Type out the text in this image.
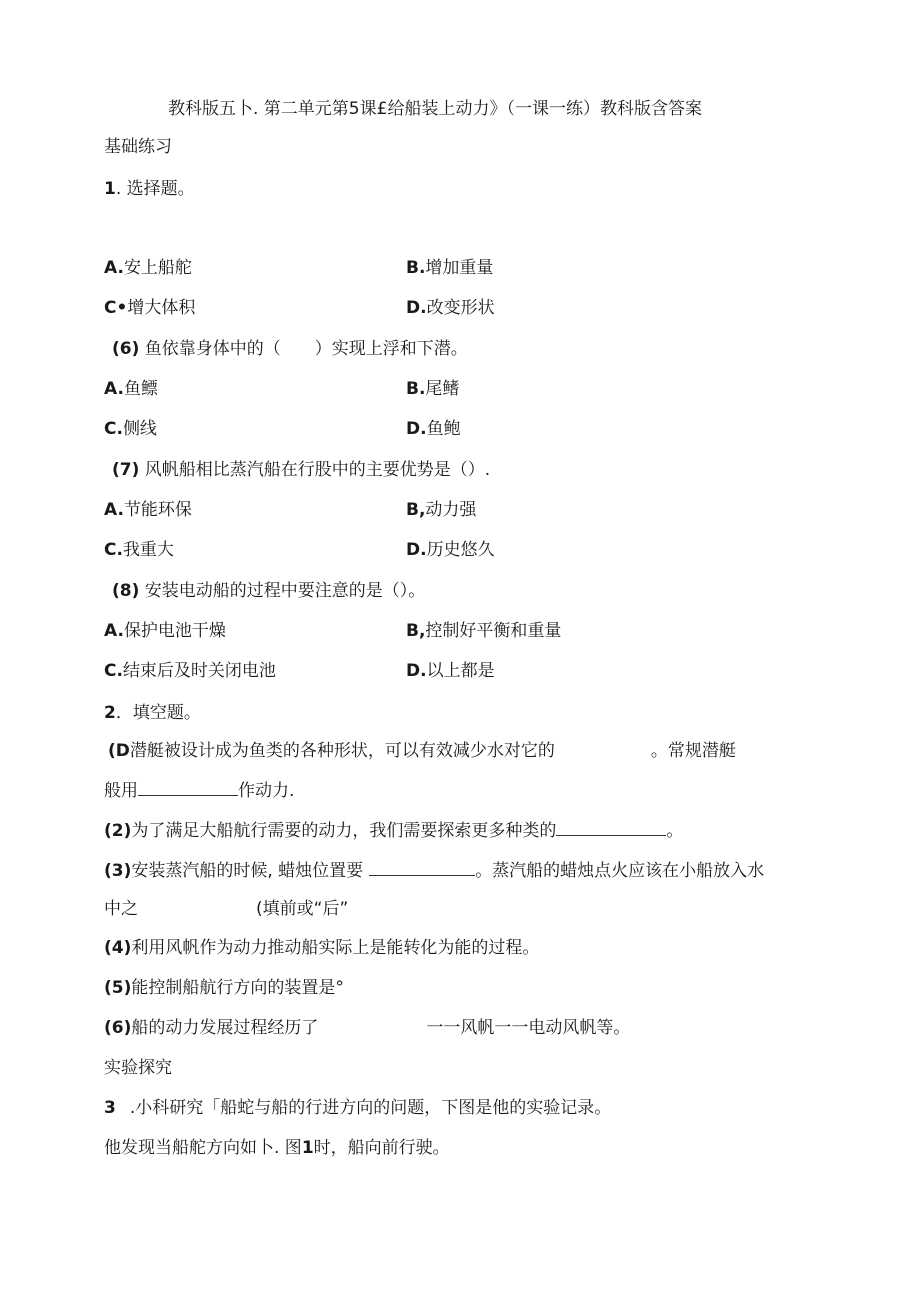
教科版五卜. 第二单元第5课£给船装上动力》（一课一练）教科版含答案
基础练习
1. 选择题。
A.安上船舵	B.增加重量
C•增大体积	D.改变形状
(6) 鱼依靠身体中的（　　）实现上浮和下潜。
A.鱼鳔	B.尾鳍
C.侧线	D.鱼鲍
(7) 风帆船相比蒸汽船在行股中的主要优势是（）.
A.节能环保	B,动力强
C.我重大	D.历史悠久
(8) 安装电动船的过程中要注意的是（）。
A.保护电池干燥	B,控制好平衡和重量
C.结束后及时关闭电池	D.以上都是
2．填空题。
(D潜艇被设计成为鱼类的各种形状，可以有效减少水对它的	。常规潜艇
般用	作动力.
(2)为了满足大船航行需要的动力，我们需要探索更多种类的	。
(3)安装蒸汽船的时候, 蜡烛位置要	。蒸汽船的蜡烛点火应该在小船放入水
中之	(填前或“后”
(4)利用风帆作为动力推动船实际上是能转化为能的过程。
(5)能控制船航行方向的装置是°
(6)船的动力发展过程经历了	一一风帆一一电动风帆等。
实验探究
3 .小科研究「船蛇与船的行进方向的问题，下图是他的实验记录。
他发现当船舵方向如卜. 图1时，船向前行驶。
